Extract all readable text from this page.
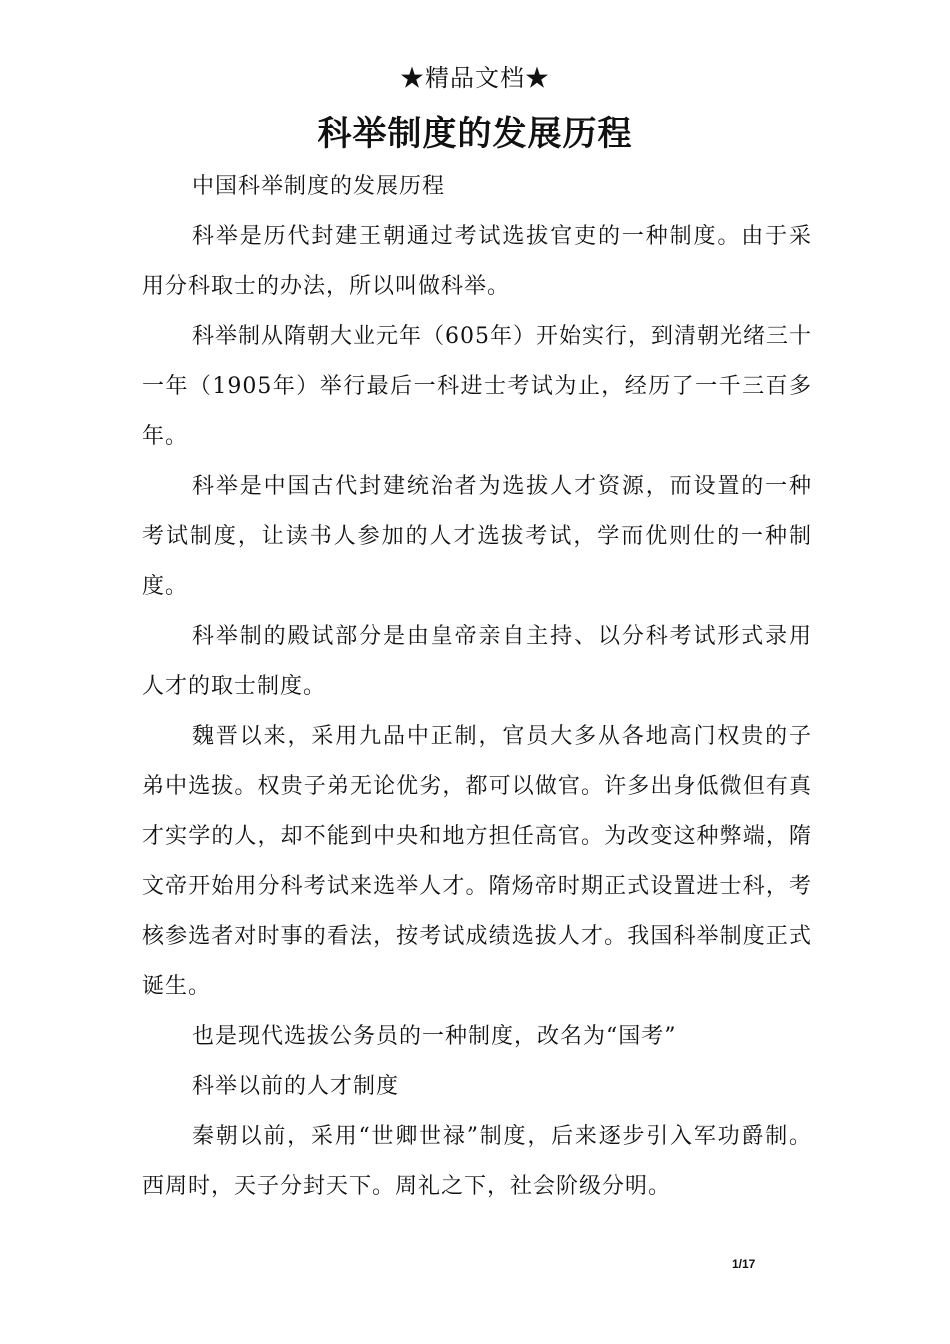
★精品文档★
科举制度的发展历程

中国科举制度的发展历程

科举是历代封建王朝通过考试选拔官吏的一种制度。由于采用分科取士的办法，所以叫做科举。

科举制从隋朝大业元年（605年）开始实行，到清朝光绪三十一年（1905年）举行最后一科进士考试为止，经历了一千三百多年。

科举是中国古代封建统治者为选拔人才资源，而设置的一种考试制度，让读书人参加的人才选拔考试，学而优则仕的一种制度。

科举制的殿试部分是由皇帝亲自主持、以分科考试形式录用人才的取士制度。

魏晋以来，采用九品中正制，官员大多从各地高门权贵的子弟中选拔。权贵子弟无论优劣，都可以做官。许多出身低微但有真才实学的人，却不能到中央和地方担任高官。为改变这种弊端，隋文帝开始用分科考试来选举人才。隋炀帝时期正式设置进士科，考核参选者对时事的看法，按考试成绩选拔人才。我国科举制度正式诞生。

也是现代选拔公务员的一种制度，改名为“国考”

科举以前的人才制度

秦朝以前，采用“世卿世禄”制度，后来逐步引入军功爵制。西周时，天子分封天下。周礼之下，社会阶级分明。

1/17
